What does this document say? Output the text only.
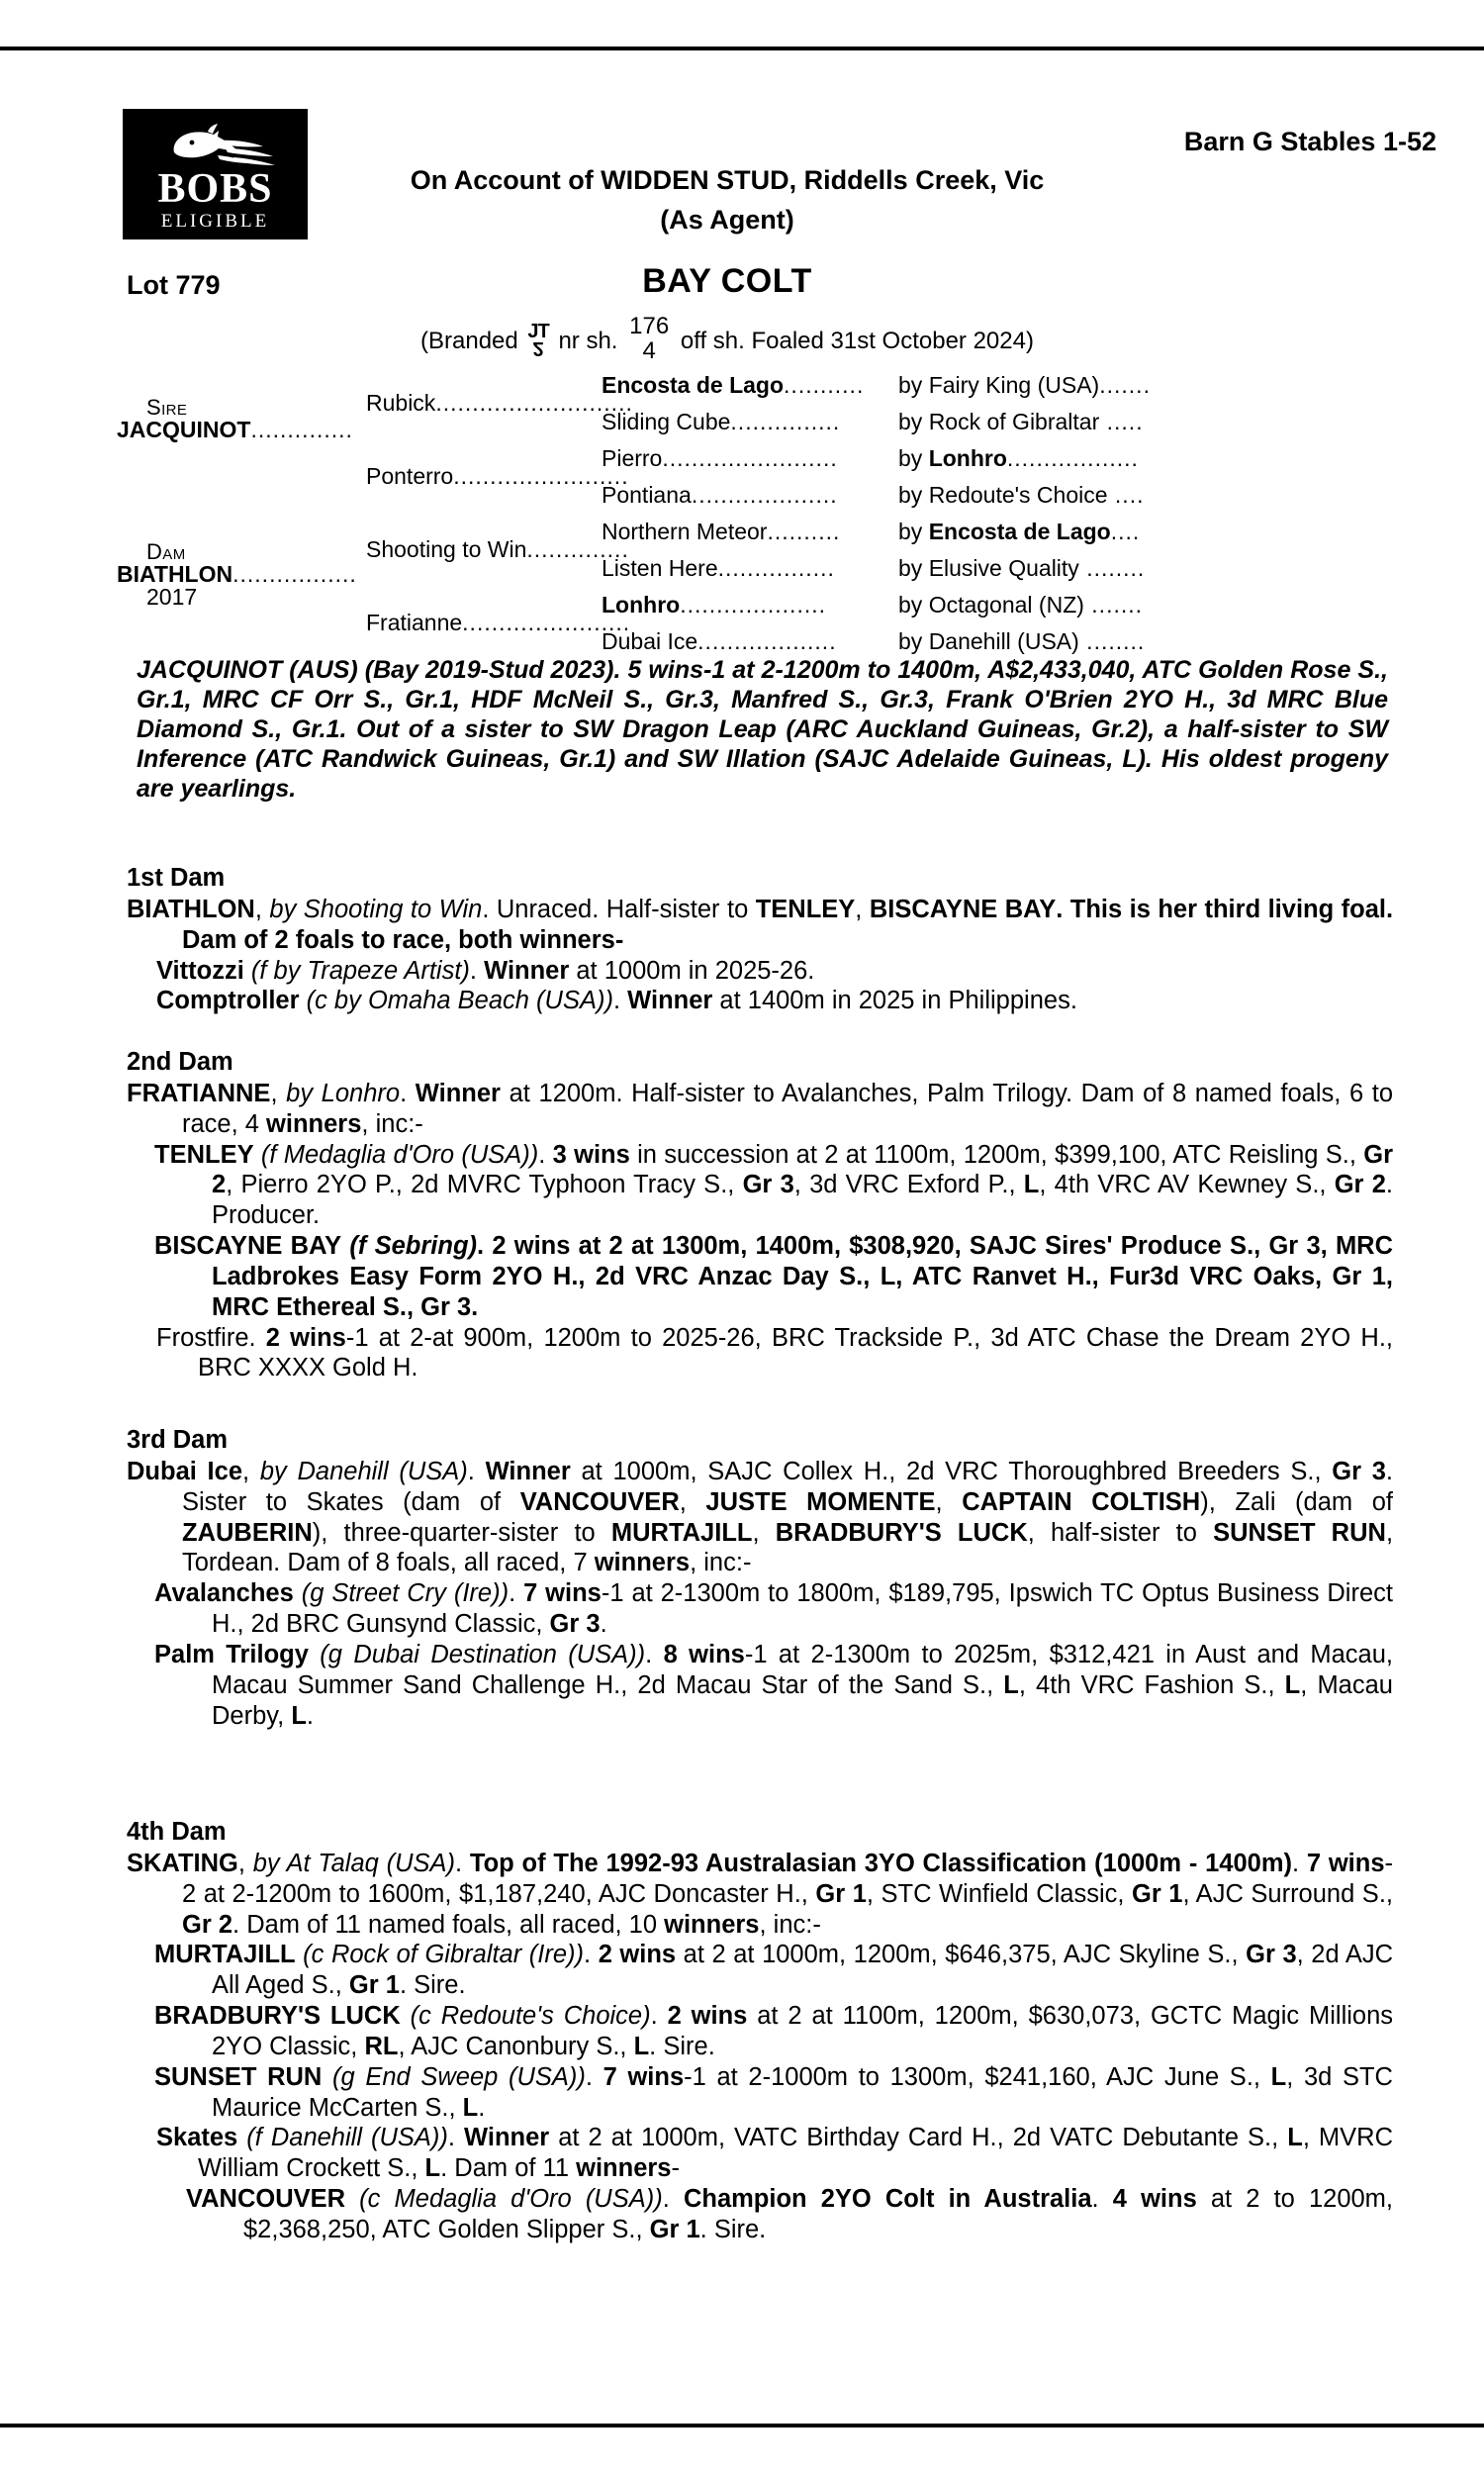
BOBS
ELIGIBLE
Barn G Stables 1-52
On Account of WIDDEN STUD, Riddells Creek, Vic
(As Agent)
Lot 779	BAY COLT
(Branded JT
2 nr sh.
176
4	off sh. Foaled 31st October 2024)
Sire JACQUINOT..............
Dam BIATHLON................. 2017
Rubick...........................
Ponterro........................
Shooting to Win..............
Fratianne.......................
Encosta de Lago...........
Sliding Cube...............
Pierro........................
Pontiana....................
Northern Meteor..........
Listen Here................
Lonhro....................
Dubai Ice...................
by Fairy King (USA).......
by Rock of Gibraltar .....
by Lonhro..................
by Redoute's Choice ....
by Encosta de Lago....
by Elusive Quality ........
by Octagonal (NZ) .......
by Danehill (USA) ........
JACQUINOT (AUS) (Bay 2019-Stud 2023). 5 wins-1 at 2-1200m to 1400m, A$2,433,040, ATC Golden Rose S., Gr.1, MRC CF Orr S., Gr.1, HDF McNeil S., Gr.3, Manfred S., Gr.3, Frank O'Brien 2YO H., 3d MRC Blue Diamond S., Gr.1. Out of a sister to SW Dragon Leap (ARC Auckland Guineas, Gr.2), a half-sister to SW Inference (ATC Randwick Guineas, Gr.1) and SW Illation (SAJC Adelaide Guineas, L). His oldest progeny are yearlings.
1st Dam

BIATHLON, by Shooting to Win. Unraced. Half-sister to TENLEY, BISCAYNE BAY. This is her third living foal. Dam of 2 foals to race, both winners-

Vittozzi (f by Trapeze Artist). Winner at 1000m in 2025-26.

Comptroller (c by Omaha Beach (USA)). Winner at 1400m in 2025 in Philippines.

2nd Dam

FRATIANNE, by Lonhro. Winner at 1200m. Half-sister to Avalanches, Palm Trilogy. Dam of 8 named foals, 6 to race, 4 winners, inc:-

TENLEY (f Medaglia d'Oro (USA)). 3 wins in succession at 2 at 1100m, 1200m, $399,100, ATC Reisling S., Gr 2, Pierro 2YO P., 2d MVRC Typhoon Tracy S., Gr 3, 3d VRC Exford P., L, 4th VRC AV Kewney S., Gr 2. Producer.

BISCAYNE BAY (f Sebring). 2 wins at 2 at 1300m, 1400m, $308,920, SAJC Sires' Produce S., Gr 3, MRC Ladbrokes Easy Form 2YO H., 2d VRC Anzac Day S., L, ATC Ranvet H., Fur3d VRC Oaks, Gr 1, MRC Ethereal S., Gr 3.

Frostfire. 2 wins-1 at 2-at 900m, 1200m to 2025-26, BRC Trackside P., 3d ATC Chase the Dream 2YO H., BRC XXXX Gold H.

3rd Dam

Dubai Ice, by Danehill (USA). Winner at 1000m, SAJC Collex H., 2d VRC Thoroughbred Breeders S., Gr 3. Sister to Skates (dam of VANCOUVER, JUSTE MOMENTE, CAPTAIN COLTISH), Zali (dam of ZAUBERIN), three-quarter-sister to MURTAJILL, BRADBURY'S LUCK, half-sister to SUNSET RUN, Tordean. Dam of 8 foals, all raced, 7 winners, inc:-

Avalanches (g Street Cry (Ire)). 7 wins-1 at 2-1300m to 1800m, $189,795, Ipswich TC Optus Business Direct H., 2d BRC Gunsynd Classic, Gr 3.

Palm Trilogy (g Dubai Destination (USA)). 8 wins-1 at 2-1300m to 2025m, $312,421 in Aust and Macau, Macau Summer Sand Challenge H., 2d Macau Star of the Sand S., L, 4th VRC Fashion S., L, Macau Derby, L.

4th Dam

SKATING, by At Talaq (USA). Top of The 1992-93 Australasian 3YO Classification (1000m - 1400m). 7 wins-2 at 2-1200m to 1600m, $1,187,240, AJC Doncaster H., Gr 1, STC Winfield Classic, Gr 1, AJC Surround S., Gr 2. Dam of 11 named foals, all raced, 10 winners, inc:-

MURTAJILL (c Rock of Gibraltar (Ire)). 2 wins at 2 at 1000m, 1200m, $646,375, AJC Skyline S., Gr 3, 2d AJC All Aged S., Gr 1. Sire.

BRADBURY'S LUCK (c Redoute's Choice). 2 wins at 2 at 1100m, 1200m, $630,073, GCTC Magic Millions 2YO Classic, RL, AJC Canonbury S., L. Sire.

SUNSET RUN (g End Sweep (USA)). 7 wins-1 at 2-1000m to 1300m, $241,160, AJC June S., L, 3d STC Maurice McCarten S., L.

Skates (f Danehill (USA)). Winner at 2 at 1000m, VATC Birthday Card H., 2d VATC Debutante S., L, MVRC William Crockett S., L. Dam of 11 winners-

VANCOUVER (c Medaglia d'Oro (USA)). Champion 2YO Colt in Australia. 4 wins at 2 to 1200m, $2,368,250, ATC Golden Slipper S., Gr 1. Sire.
